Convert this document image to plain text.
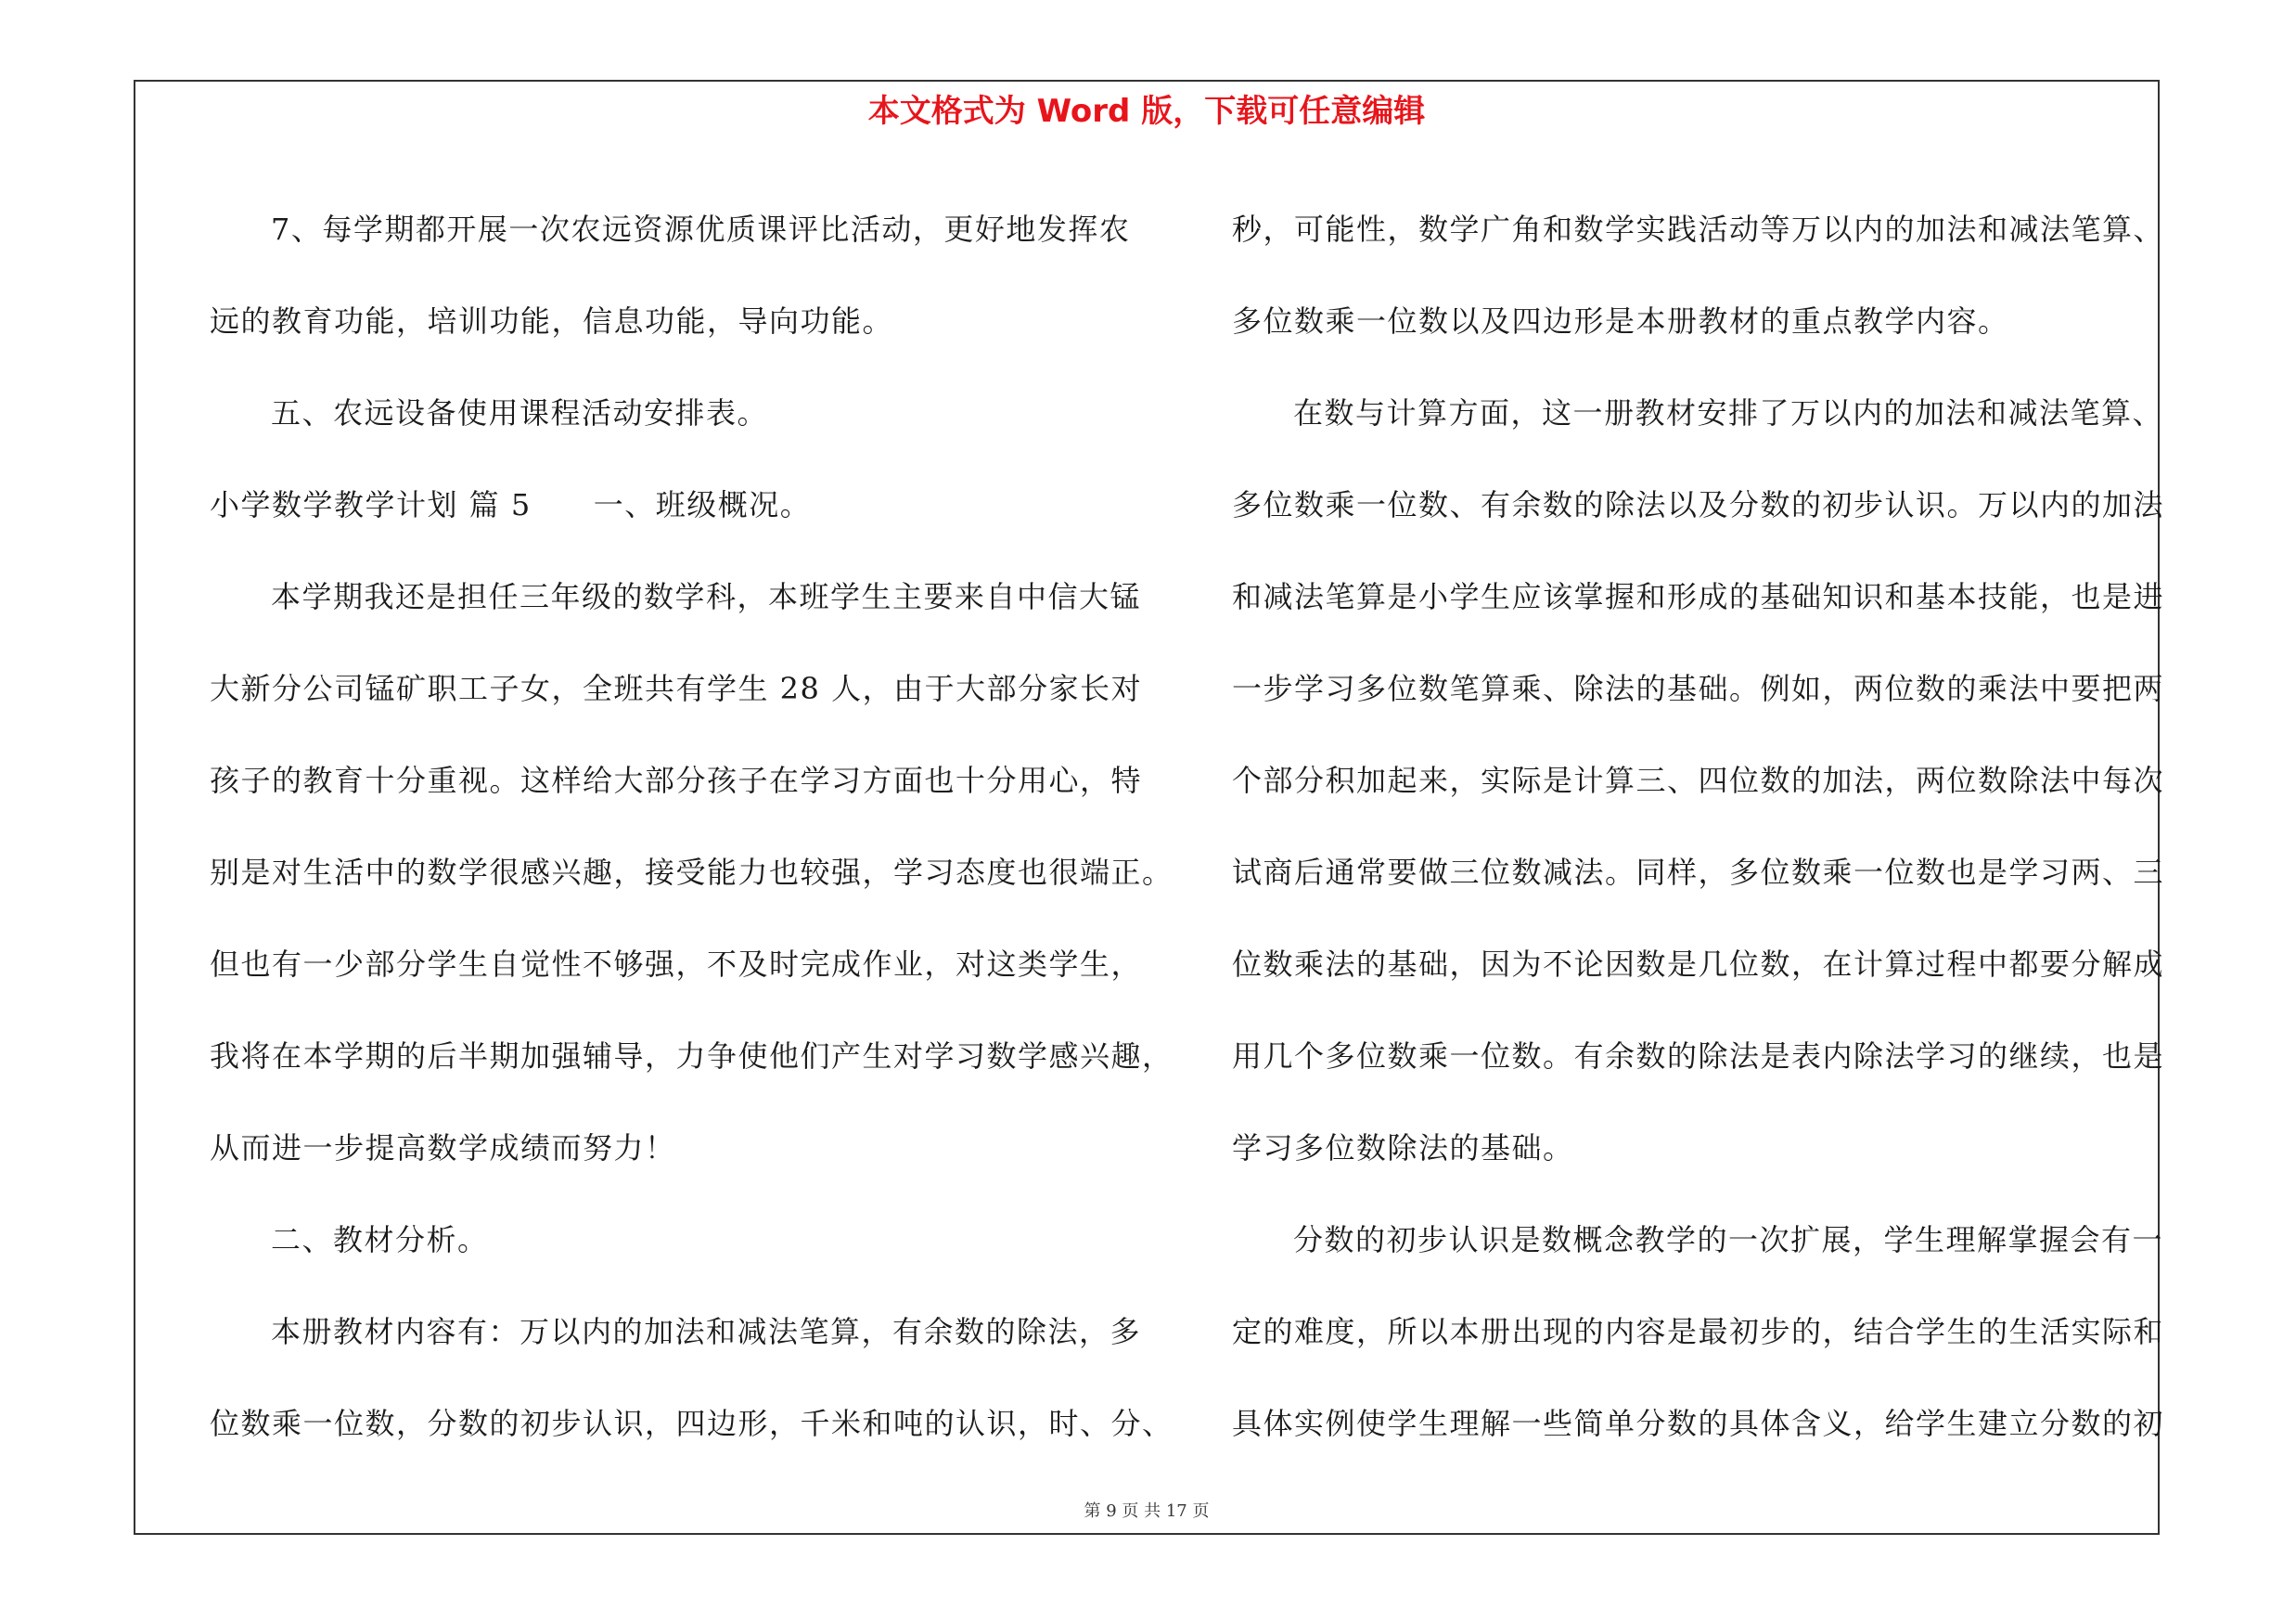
本文格式为 Word 版，下载可任意编辑
7、每学期都开展一次农远资源优质课评比活动，更好地发挥农
远的教育功能，培训功能，信息功能，导向功能。
五、农远设备使用课程活动安排表。
小学数学教学计划 篇 5　　一、班级概况。
本学期我还是担任三年级的数学科，本班学生主要来自中信大锰
大新分公司锰矿职工子女，全班共有学生 28 人，由于大部分家长对
孩子的教育十分重视。这样给大部分孩子在学习方面也十分用心，特
别是对生活中的数学很感兴趣，接受能力也较强，学习态度也很端正。
但也有一少部分学生自觉性不够强，不及时完成作业，对这类学生，
我将在本学期的后半期加强辅导，力争使他们产生对学习数学感兴趣，
从而进一步提高数学成绩而努力！
二、教材分析。
本册教材内容有：万以内的加法和减法笔算，有余数的除法，多
位数乘一位数，分数的初步认识，四边形，千米和吨的认识，时、分、
秒，可能性，数学广角和数学实践活动等万以内的加法和减法笔算、
多位数乘一位数以及四边形是本册教材的重点教学内容。
在数与计算方面，这一册教材安排了万以内的加法和减法笔算、
多位数乘一位数、有余数的除法以及分数的初步认识。万以内的加法
和减法笔算是小学生应该掌握和形成的基础知识和基本技能，也是进
一步学习多位数笔算乘、除法的基础。例如，两位数的乘法中要把两
个部分积加起来，实际是计算三、四位数的加法，两位数除法中每次
试商后通常要做三位数减法。同样，多位数乘一位数也是学习两、三
位数乘法的基础，因为不论因数是几位数，在计算过程中都要分解成
用几个多位数乘一位数。有余数的除法是表内除法学习的继续，也是
学习多位数除法的基础。
分数的初步认识是数概念教学的一次扩展，学生理解掌握会有一
定的难度，所以本册出现的内容是最初步的，结合学生的生活实际和
具体实例使学生理解一些简单分数的具体含义，给学生建立分数的初
第 9 页 共 17 页
